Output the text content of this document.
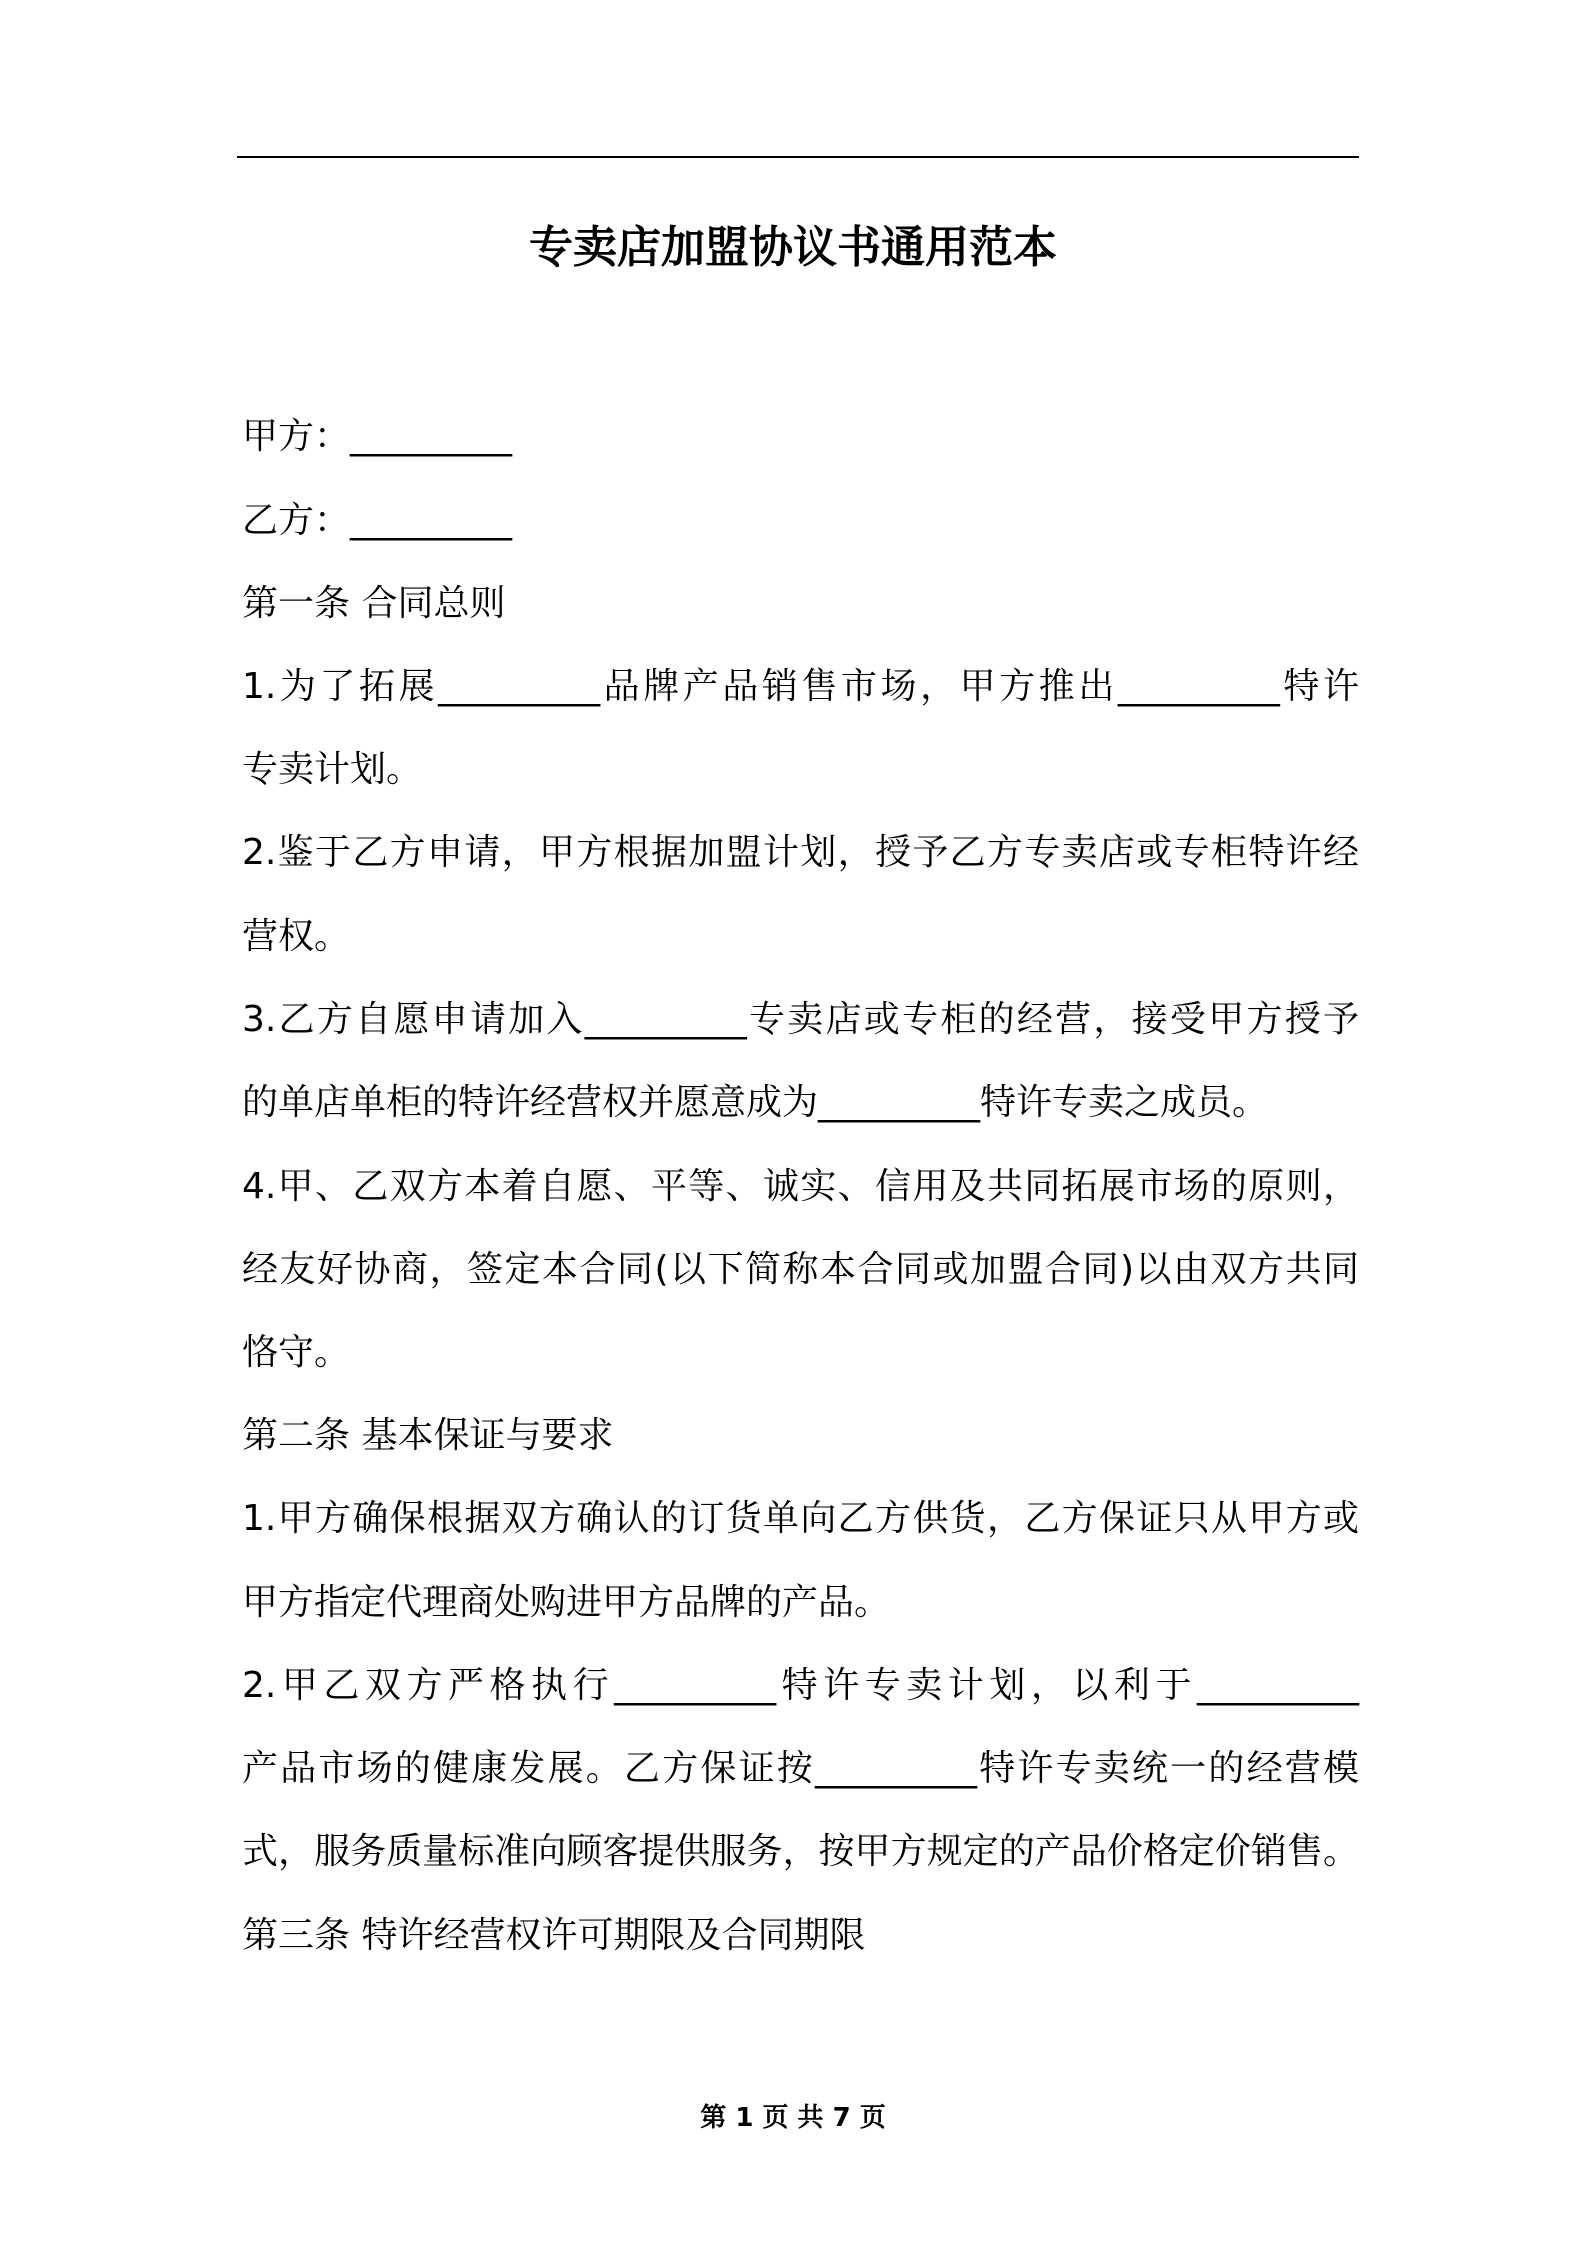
专卖店加盟协议书通用范本
甲方：_________
乙方：_________
第一条 合同总则
1.为了拓展_________品牌产品销售市场，甲方推出_________特许
专卖计划。
2.鉴于乙方申请，甲方根据加盟计划，授予乙方专卖店或专柜特许经
营权。
3.乙方自愿申请加入_________专卖店或专柜的经营，接受甲方授予
的单店单柜的特许经营权并愿意成为_________特许专卖之成员。
4.甲、乙双方本着自愿、平等、诚实、信用及共同拓展市场的原则，
经友好协商，签定本合同(以下简称本合同或加盟合同)以由双方共同
恪守。
第二条 基本保证与要求
1.甲方确保根据双方确认的订货单向乙方供货，乙方保证只从甲方或
甲方指定代理商处购进甲方品牌的产品。
2.甲乙双方严格执行_________特许专卖计划，以利于_________
产品市场的健康发展。乙方保证按_________特许专卖统一的经营模
式，服务质量标准向顾客提供服务，按甲方规定的产品价格定价销售。
第三条 特许经营权许可期限及合同期限
第 1 页 共 7 页
